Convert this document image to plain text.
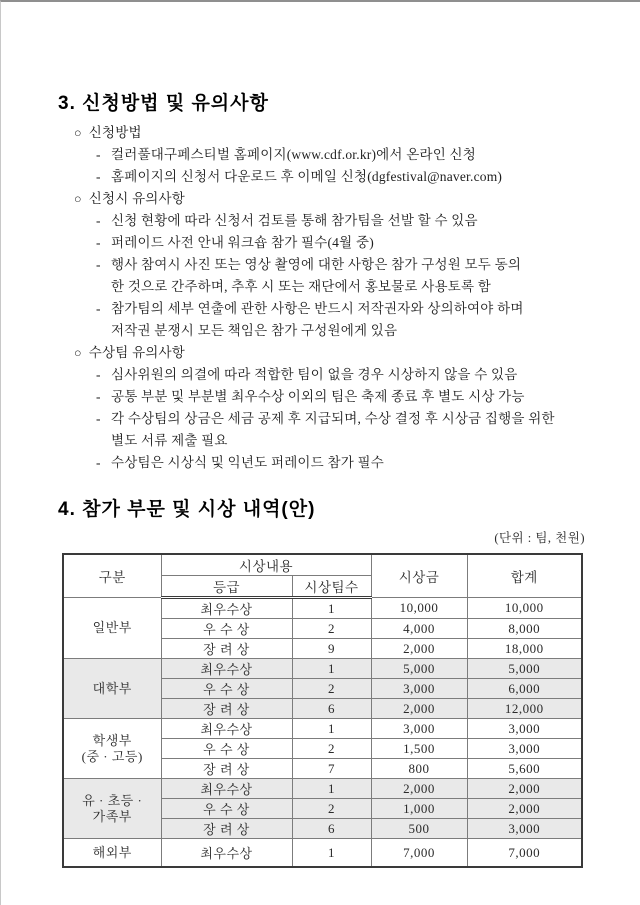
3. 신청방법 및 유의사항
○ 신청방법
- 컬러풀대구페스티벌 홈페이지(www.cdf.or.kr)에서 온라인 신청
- 홈페이지의 신청서 다운로드 후 이메일 신청(dgfestival@naver.com)
○ 신청시 유의사항
- 신청 현황에 따라 신청서 검토를 통해 참가팀을 선발 할 수 있음
- 퍼레이드 사전 안내 워크숍 참가 필수(4월 중)
- 행사 참여시 사진 또는 영상 촬영에 대한 사항은 참가 구성원 모두 동의
한 것으로 간주하며, 추후 시 또는 재단에서 홍보물로 사용토록 함
- 참가팀의 세부 연출에 관한 사항은 반드시 저작권자와 상의하여야 하며
저작권 분쟁시 모든 책임은 참가 구성원에게 있음
○ 수상팀 유의사항
- 심사위원의 의결에 따라 적합한 팀이 없을 경우 시상하지 않을 수 있음
- 공통 부분 및 부분별 최우수상 이외의 팀은 축제 종료 후 별도 시상 가능
- 각 수상팀의 상금은 세금 공제 후 지급되며, 수상 결정 후 시상금 집행을 위한
별도 서류 제출 필요
- 수상팀은 시상식 및 익년도 퍼레이드 참가 필수
4. 참가 부문 및 시상 내역(안)
(단위 : 팀, 천원)
구분	시상내용		시상금	합계
	등급	시상팀수		
일반부	최우수상	1	10,000	10,000
	우 수 상	2	4,000	8,000
	장 려 상	9	2,000	18,000
대학부	최우수상	1	5,000	5,000
	우 수 상	2	3,000	6,000
	장 려 상	6	2,000	12,000

학생부
(중 · 고등)	최우수상	1	3,000	3,000
	우 수 상	2	1,500	3,000
	장 려 상	7	800	5,600

유 · 초등 ·
가족부	최우수상	1	2,000	2,000
	우 수 상	2	1,000	2,000
	장 려 상	6	500	3,000
해외부	최우수상	1	7,000	7,000
